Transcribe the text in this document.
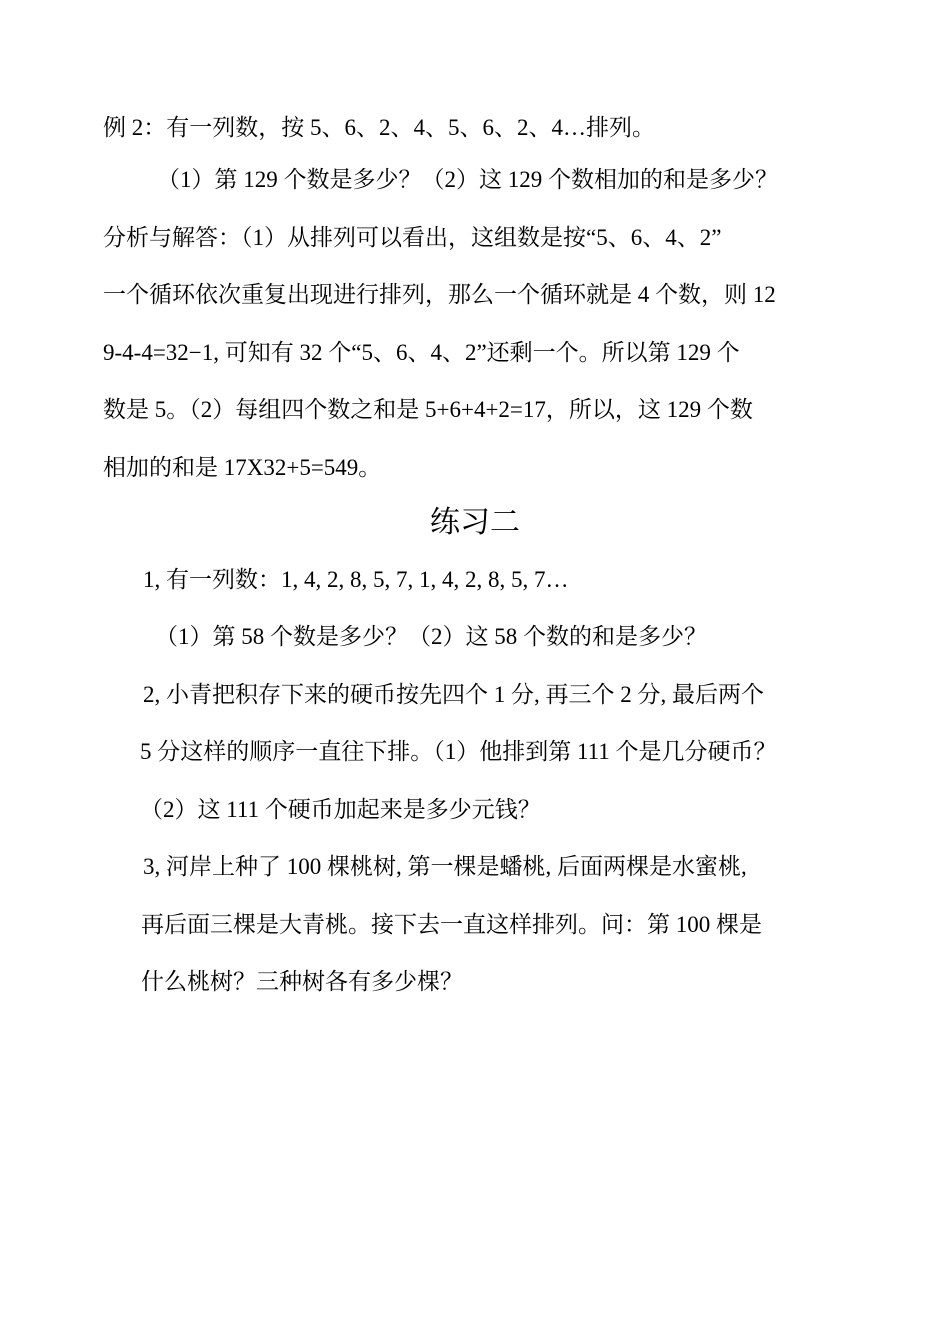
例 2：有一列数，按 5、6、2、4、5、6、2、4…排列。
（1）第 129 个数是多少？（2）这 129 个数相加的和是多少？
分析与解答：（1）从排列可以看出，这组数是按“5、6、4、2”
一个循环依次重复出现进行排列，那么一个循环就是 4 个数，则 12
9-4-4=32−1, 可知有 32 个“5、6、4、2”还剩一个。所以第 129 个
数是 5。（2）每组四个数之和是 5+6+4+2=17，所以，这 129 个数
相加的和是 17X32+5=549。
练习二
1, 有一列数：1, 4, 2, 8, 5, 7, 1, 4, 2, 8, 5, 7…
（1）第 58 个数是多少？（2）这 58 个数的和是多少？
2, 小青把积存下来的硬币按先四个 1 分, 再三个 2 分, 最后两个
5 分这样的顺序一直往下排。（1）他排到第 111 个是几分硬币？
（2）这 111 个硬币加起来是多少元钱？
3, 河岸上种了 100 棵桃树, 第一棵是蟠桃, 后面两棵是水蜜桃,
再后面三棵是大青桃。接下去一直这样排列。问：第 100 棵是
什么桃树？三种树各有多少棵？
